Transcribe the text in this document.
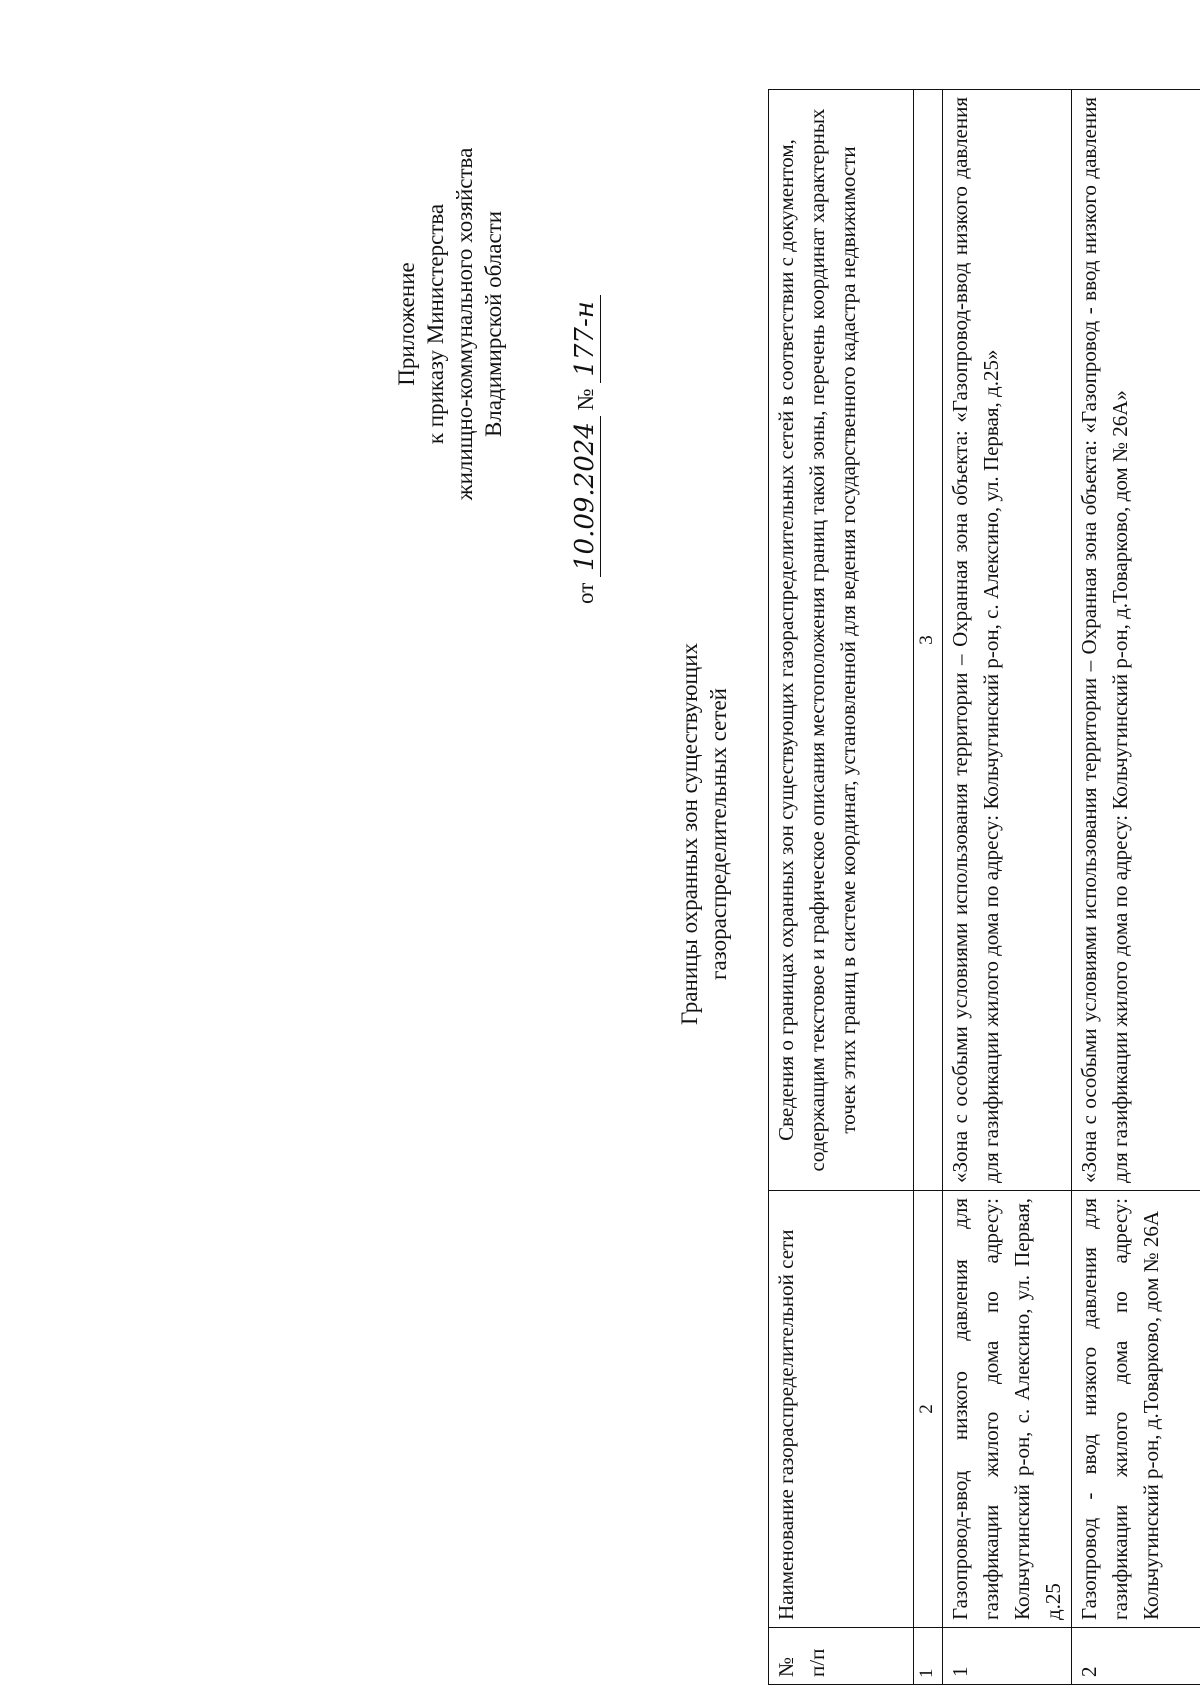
Приложение к приказу Министерства жилищно-коммунального хозяйства Владимирской области
от 10.09.2024 № 177-н
Границы охранных зон существующих газораспределительных сетей
№ п/п	Наименование газораспределительной сети	Сведения о границах охранных зон существующих газораспределительных сетей в соответствии с документом, содержащим текстовое и графическое описания местоположения границ такой зоны, перечень координат характерных точек этих границ в системе координат, установленной для ведения государственного кадастра недвижимости
1	2	3
1	Газопровод-ввод низкого давления для газификации жилого дома по адресу: Кольчугинский р-он, с. Алексино, ул. Первая, д.25	«Зона с особыми условиями использования территории – Охранная зона объекта: «Газопровод-ввод низкого давления для газификации жилого дома по адресу: Кольчугинский р-он, с. Алексино, ул. Первая, д.25»
2	Газопровод - ввод низкого давления для газификации жилого дома по адресу: Кольчугинский р-он, д.Товарково, дом № 26А	«Зона с особыми условиями использования территории – Охранная зона объекта: «Газопровод - ввод низкого давления для газификации жилого дома по адресу: Кольчугинский р-он, д.Товарково, дом № 26А»
